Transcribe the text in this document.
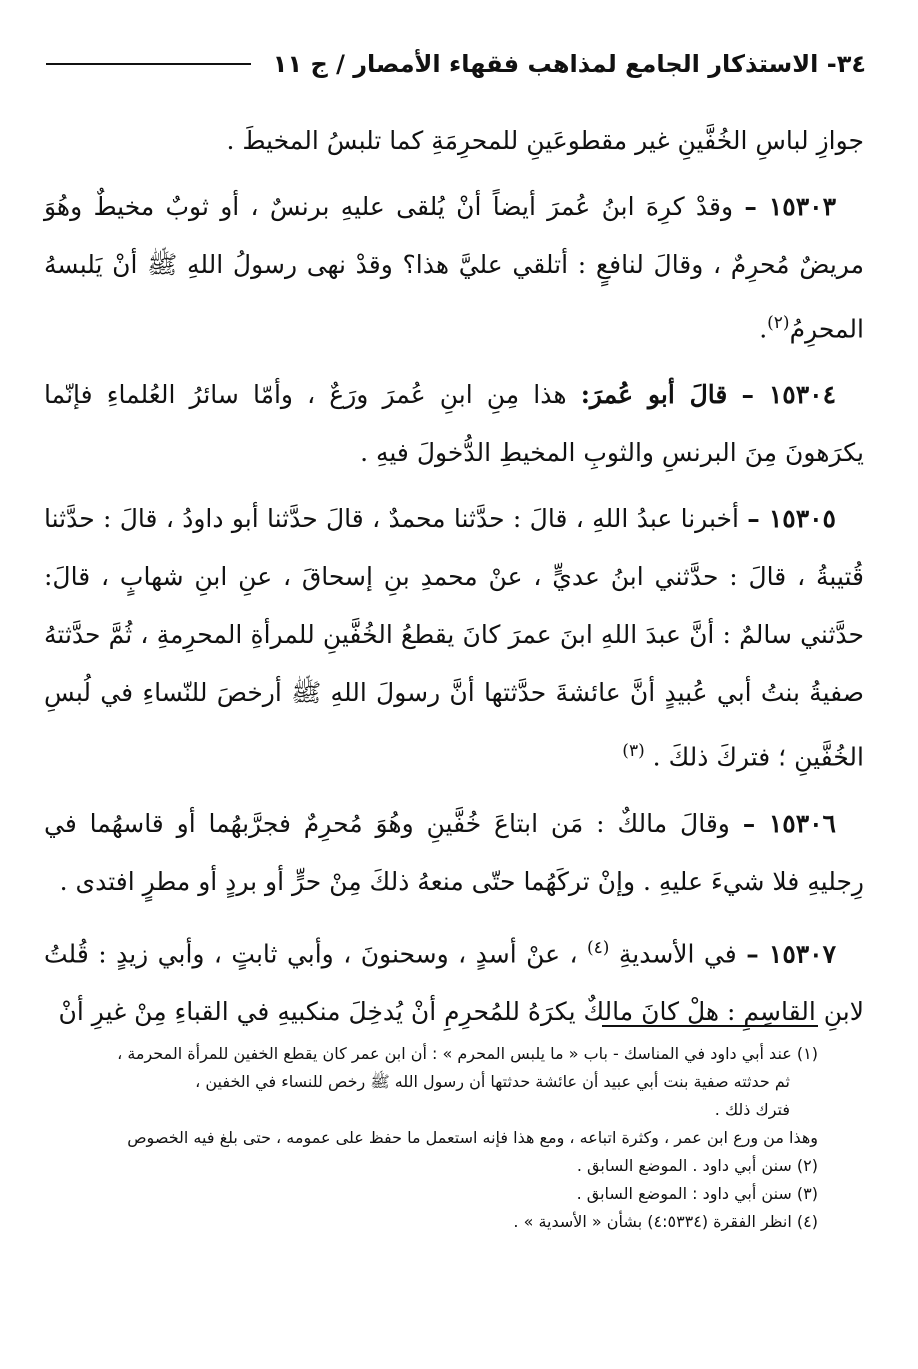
٣٤- الاستذكار الجامع لمذاهب فقهاء الأمصار / ج ١١

جوازِ لباسِ الخُفَّينِ غير مقطوعَينِ للمحرِمَةِ كما تلبسُ المخيطَ .

١٥٣٠٣ – وقدْ كرِهَ ابنُ عُمرَ أيضاً أنْ يُلقى عليهِ برنسٌ ، أو ثوبٌ مخيطٌ وهُوَ مريضٌ مُحرِمٌ ، وقالَ لنافعٍ : أتلقي عليَّ هذا؟ وقدْ نهى رسولُ اللهِ ﷺ أنْ يَلبسهُ المحرِمُ$^{(٢)}$.

١٥٣٠٤ – قالَ أبو عُمرَ: هذا مِنِ ابنِ عُمرَ ورَعٌ ، وأمّا سائرُ العُلماءِ فإنّما يكرَهونَ مِنَ البرنسِ والثوبِ المخيطِ الدُّخولَ فيهِ .

١٥٣٠٥ – أخبرنا عبدُ اللهِ ، قالَ : حدَّثنا محمدٌ ، قالَ حدَّثنا أبو داودُ ، قالَ : حدَّثنا قُتيبةُ ، قالَ : حدَّثني ابنُ عديٍّ ، عنْ محمدِ بنِ إسحاقَ ، عنِ ابنِ شهابٍ ، قالَ: حدَّثني سالمٌ : أنَّ عبدَ اللهِ ابنَ عمرَ كانَ يقطعُ الخُفَّينِ للمرأةِ المحرِمةِ ، ثُمَّ حدَّثتهُ صفيةُ بنتُ أبي عُبيدٍ أنَّ عائشةَ حدَّثتها أنَّ رسولَ اللهِ ﷺ أرخصَ للنّساءِ في لُبسِ الخُفَّينِ ؛ فتركَ ذلكَ . $^{(٣)}$

١٥٣٠٦ – وقالَ مالكٌ : مَن ابتاعَ خُفَّينِ وهُوَ مُحرِمٌ فجرَّبهُما أو قاسهُما في رِجليهِ فلا شيءَ عليهِ . وإنْ تركَهُما حتّى منعهُ ذلكَ مِنْ حرٍّ أو بردٍ أو مطرٍ افتدى .

١٥٣٠٧ – في الأسديةِ $^{(٤)}$ ، عنْ أسدٍ ، وسحنونَ ، وأبي ثابتٍ ، وأبي زيدٍ : قُلتُ لابنِ القاسِمِ : هلْ كانَ مالكٌ يكرَهُ للمُحرِمِ أنْ يُدخِلَ منكبيهِ في القباءِ مِنْ غيرِ أنْ

(١) عند أبي داود في المناسك - باب « ما يلبس المحرم » : أن ابن عمر كان يقطع الخفين للمرأة المحرمة ،

ثم حدثته صفية بنت أبي عبيد أن عائشة حدثتها أن رسول الله ﷺ رخص للنساء في الخفين ،

فترك ذلك .

وهذا من ورع ابن عمر ، وكثرة اتباعه ، ومع هذا فإنه استعمل ما حفظ على عمومه ، حتى بلغ فيه الخصوص

(٢) سنن أبي داود . الموضع السابق .

(٣) سنن أبي داود : الموضع السابق .

(٤) انظر الفقرة (٤:٥٣٣٤) بشأن « الأسدية » .
